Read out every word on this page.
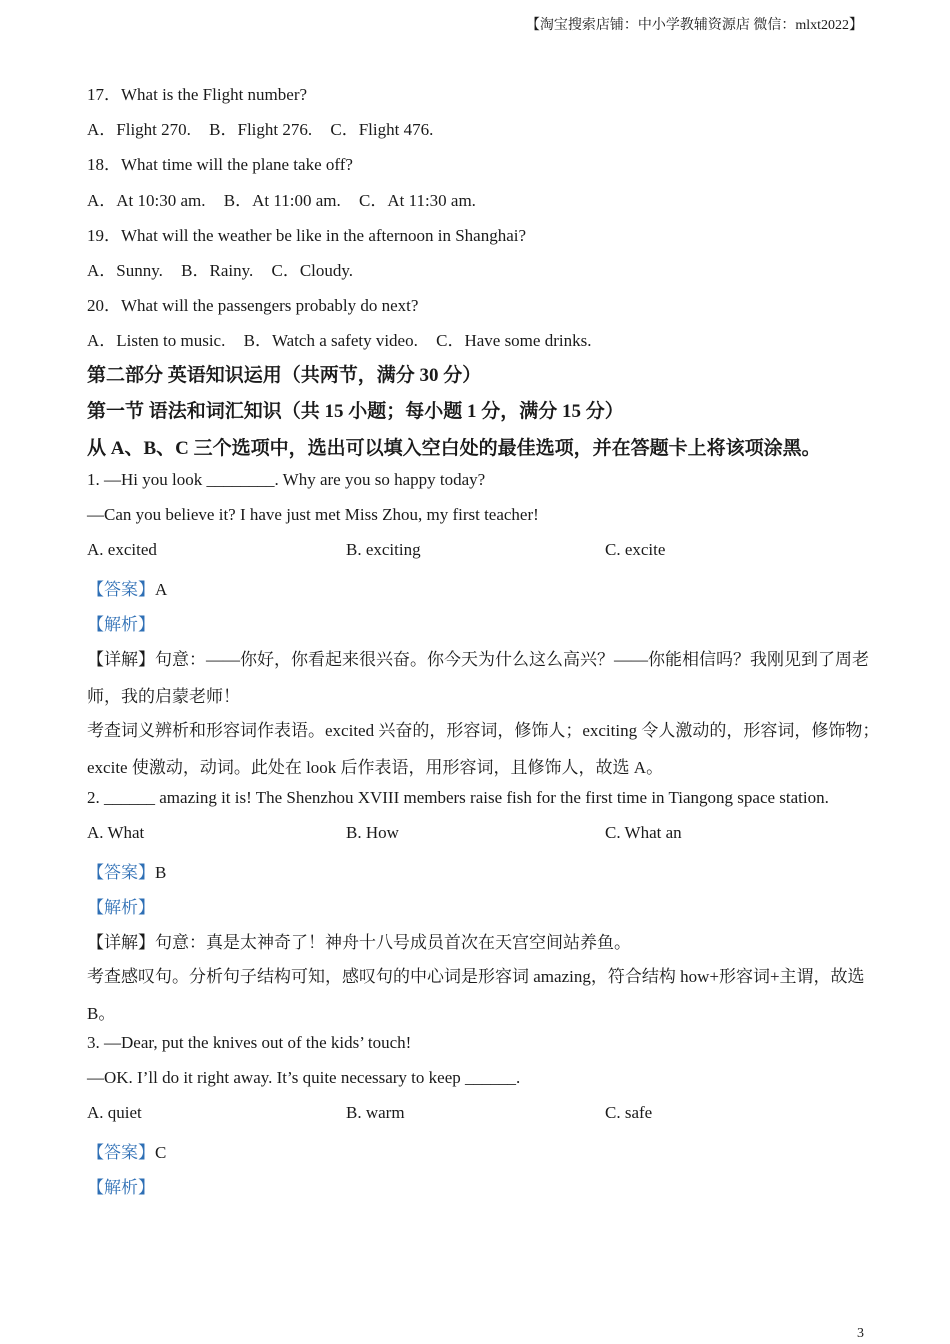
【淘宝搜索店铺：中小学教辅资源店 微信：mlxt2022】
17．What is the Flight number?
A．Flight 270. B．Flight 276. C．Flight 476.
18．What time will the plane take off?
A．At 10:30 am. B．At 11:00 am. C．At 11:30 am.
19．What will the weather be like in the afternoon in Shanghai?
A．Sunny. B．Rainy. C．Cloudy.
20．What will the passengers probably do next?
A．Listen to music. B．Watch a safety video. C．Have some drinks.
第二部分 英语知识运用（共两节，满分 30 分）
第一节 语法和词汇知识（共 15 小题；每小题 1 分，满分 15 分）
从 A、B、C 三个选项中，选出可以填入空白处的最佳选项，并在答题卡上将该项涂黑。
1. —Hi you look ________. Why are you so happy today?
—Can you believe it? I have just met Miss Zhou, my first teacher!
A. excited	B. exciting	C. excite
【答案】A
【解析】
【详解】句意：——你好，你看起来很兴奋。你今天为什么这么高兴？——你能相信吗？我刚见到了周老
师，我的启蒙老师！
考查词义辨析和形容词作表语。excited 兴奋的，形容词，修饰人；exciting 令人激动的，形容词，修饰物；
excite 使激动，动词。此处在 look 后作表语，用形容词，且修饰人，故选 A。
2. ______ amazing it is! The Shenzhou XVIII members raise fish for the first time in Tiangong space station.
A. What	B. How	C. What an
【答案】B
【解析】
【详解】句意：真是太神奇了！神舟十八号成员首次在天宫空间站养鱼。
考查感叹句。分析句子结构可知，感叹句的中心词是形容词 amazing，符合结构 how+形容词+主谓，故选
B。
3. —Dear, put the knives out of the kids’ touch!
—OK. I’ll do it right away. It’s quite necessary to keep ______.
A. quiet	B. warm	C. safe
【答案】C
【解析】
3
